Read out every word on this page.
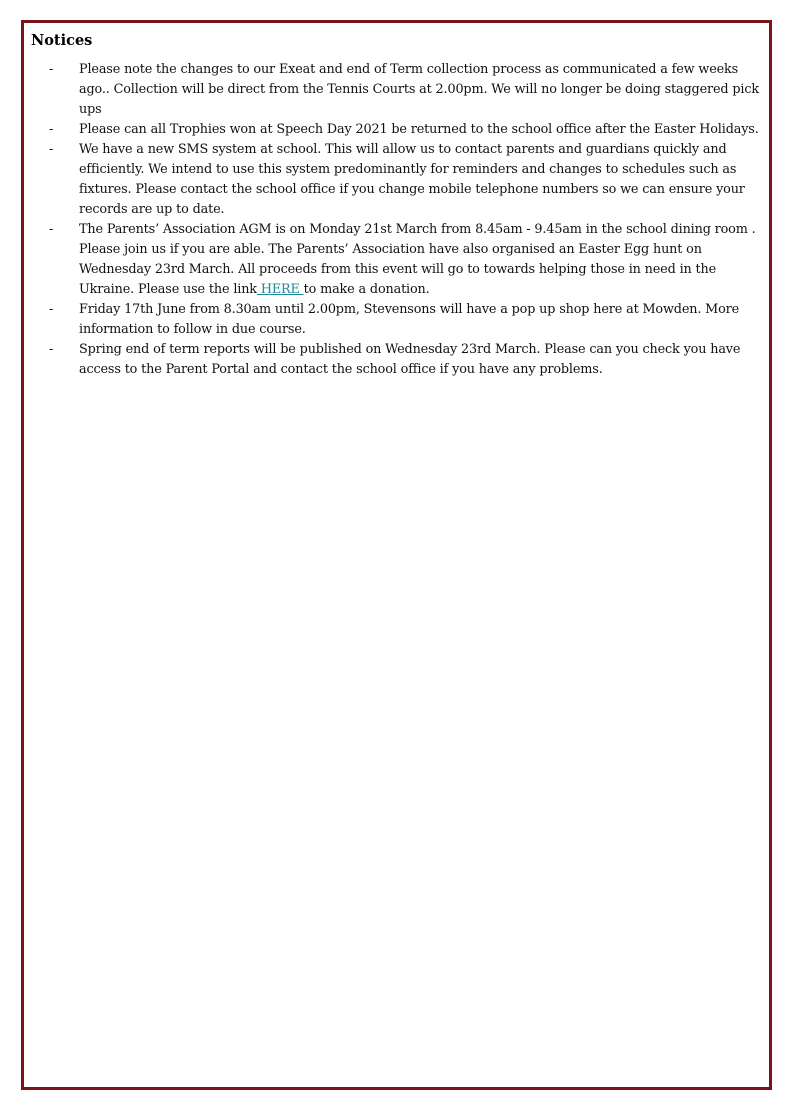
Notices
-	Please note the changes to our Exeat and end of Term collection process as communicated a few weeks ago.. Collection will be direct from the Tennis Courts at 2.00pm. We will no longer be doing staggered pick ups
-	Please can all Trophies won at Speech Day 2021 be returned to the school office after the Easter Holidays.
-	We have a new SMS system at school. This will allow us to contact parents and guardians quickly and efficiently. We intend to use this system predominantly for reminders and changes to schedules such as fixtures. Please contact the school office if you change mobile telephone numbers so we can ensure your records are up to date.
-	The Parents’ Association AGM is on Monday 21st March from 8.45am - 9.45am in the school dining room . Please join us if you are able. The Parents’ Association have also organised an Easter Egg hunt on Wednesday 23rd March. All proceeds from this event will go to towards helping those in need in the Ukraine. Please use the link HERE to make a donation.
-	Friday 17th June from 8.30am until 2.00pm, Stevensons will have a pop up shop here at Mowden. More information to follow in due course.
-	Spring end of term reports will be published on Wednesday 23rd March. Please can you check you have access to the Parent Portal and contact the school office if you have any problems.
